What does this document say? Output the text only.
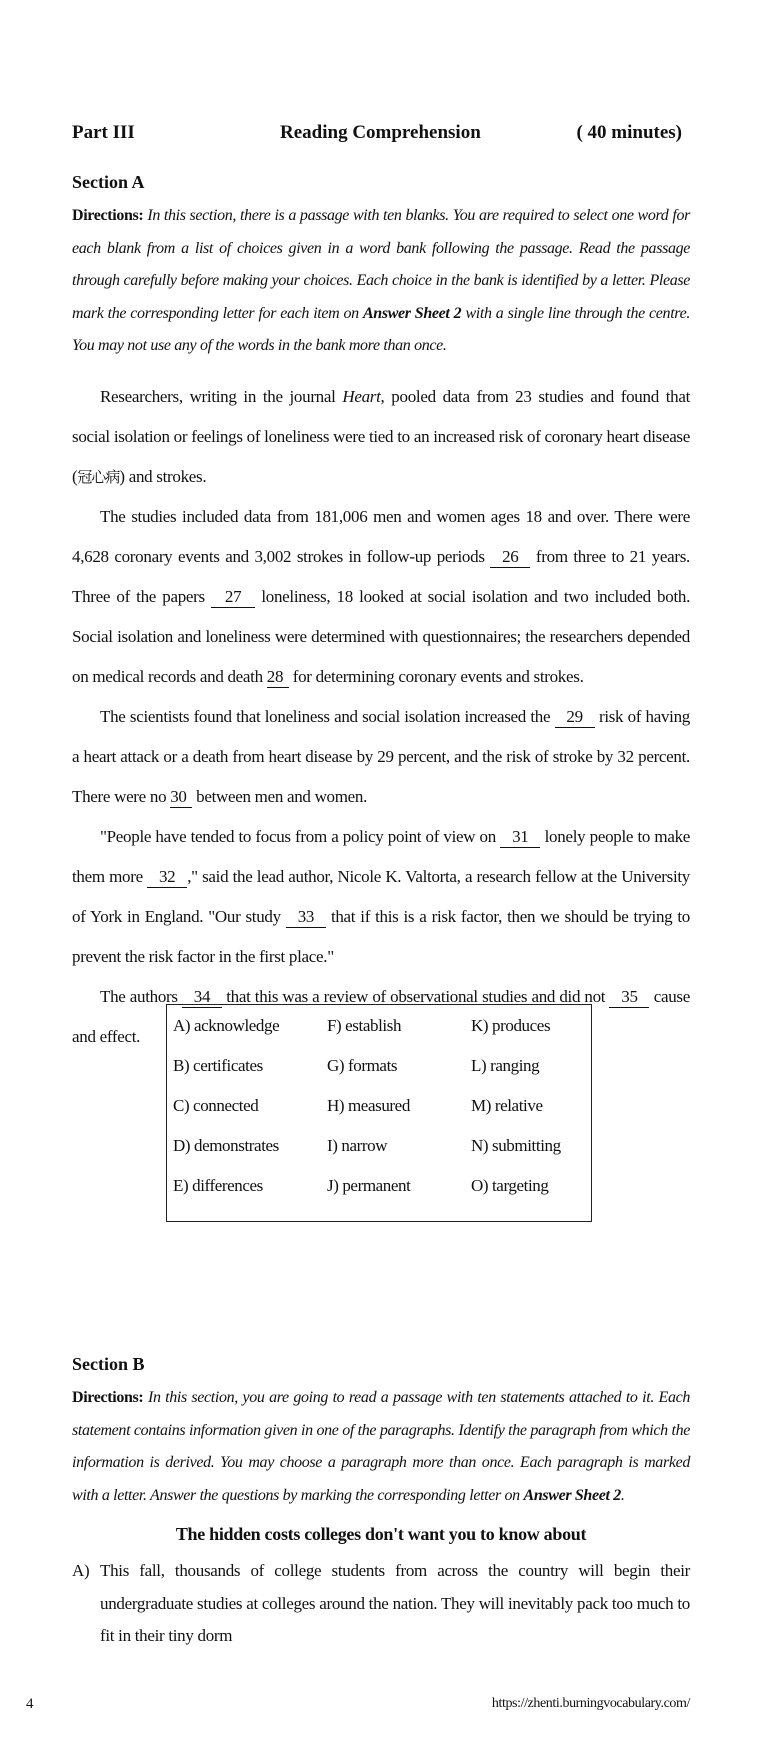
Part III	Reading Comprehension	( 40 minutes)
Section A
Directions: In this section, there is a passage with ten blanks. You are required to select one word for each blank from a list of choices given in a word bank following the passage. Read the passage through carefully before making your choices. Each choice in the bank is identified by a letter. Please mark the corresponding letter for each item on Answer Sheet 2 with a single line through the centre. You may not use any of the words in the bank more than once.

Researchers, writing in the journal Heart, pooled data from 23 studies and found that social isolation or feelings of loneliness were tied to an increased risk of coronary heart disease (冠心病) and strokes.

The studies included data from 181,006 men and women ages 18 and over. There were 4,628 coronary events and 3,002 strokes in follow-up periods 26 from three to 21 years. Three of the papers 27 loneliness, 18 looked at social isolation and two included both. Social isolation and loneliness were determined with questionnaires; the researchers depended on medical records and death 28 for determining coronary events and strokes.

The scientists found that loneliness and social isolation increased the 29 risk of having a heart attack or a death from heart disease by 29 percent, and the risk of stroke by 32 percent. There were no 30 between men and women.

"People have tended to focus from a policy point of view on 31 lonely people to make them more 32 ," said the lead author, Nicole K. Valtorta, a research fellow at the University of York in England. "Our study 33 that if this is a risk factor, then we should be trying to prevent the risk factor in the first place."

The authors 34 that this was a review of observational studies and did not 35 cause and effect.

A) acknowledge	F) establish	K) produces
B) certificates	G) formats	L) ranging
C) connected	H) measured	M) relative
D) demonstrates	I) narrow	N) submitting
E) differences	J) permanent	O) targeting
Section B
Directions: In this section, you are going to read a passage with ten statements attached to it. Each statement contains information given in one of the paragraphs. Identify the paragraph from which the information is derived. You may choose a paragraph more than once. Each paragraph is marked with a letter. Answer the questions by marking the corresponding letter on Answer Sheet 2.
The hidden costs colleges don't want you to know about
A) This fall, thousands of college students from across the country will begin their undergraduate studies at colleges around the nation. They will inevitably pack too much to fit in their tiny dorm
4	https://zhenti.burningvocabulary.com/
